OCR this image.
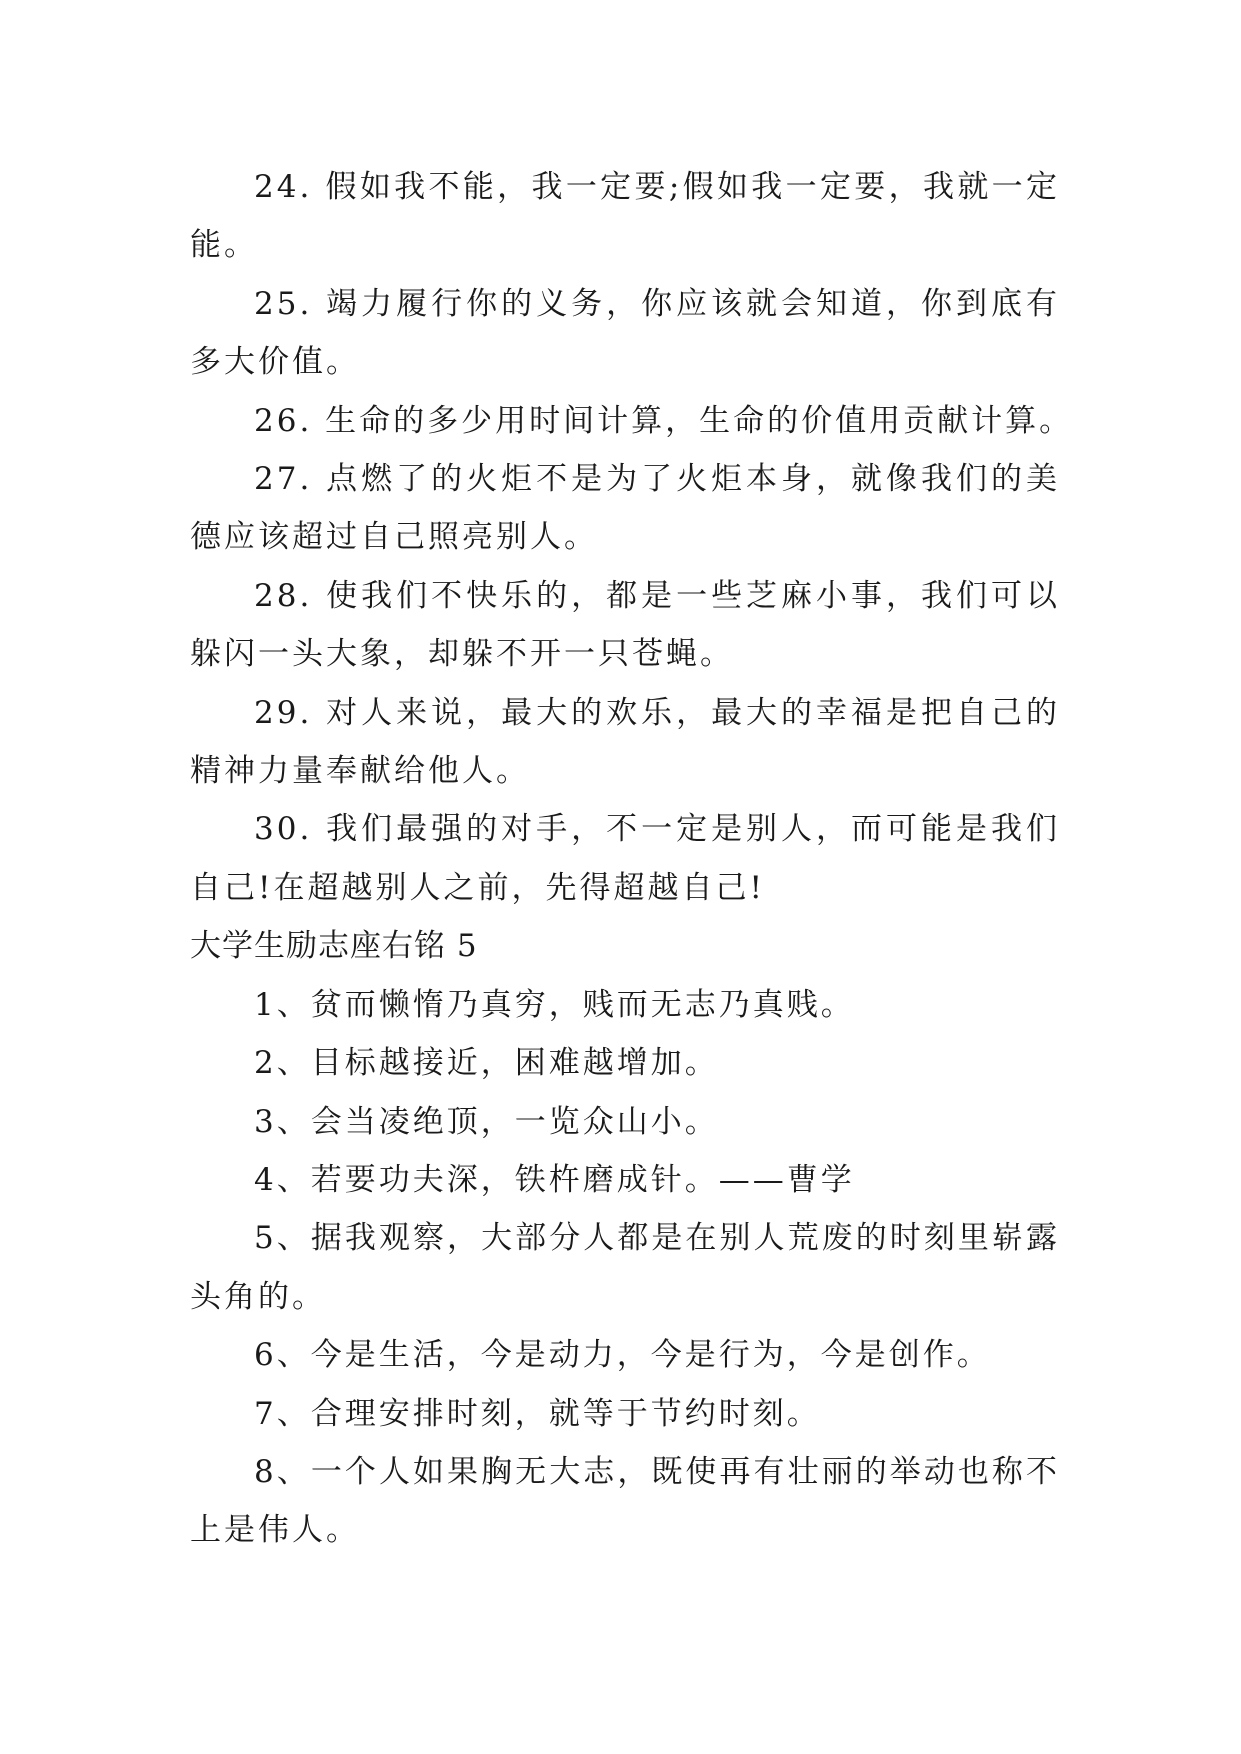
24. 假如我不能，我一定要;假如我一定要，我就一定能。

25. 竭力履行你的义务，你应该就会知道，你到底有多大价值。

26. 生命的多少用时间计算，生命的价值用贡献计算。

27. 点燃了的火炬不是为了火炬本身，就像我们的美德应该超过自己照亮别人。

28. 使我们不快乐的，都是一些芝麻小事，我们可以躲闪一头大象，却躲不开一只苍蝇。

29. 对人来说，最大的欢乐，最大的幸福是把自己的精神力量奉献给他人。

30. 我们最强的对手，不一定是别人，而可能是我们自己!在超越别人之前，先得超越自己!

大学生励志座右铭 5

1、贫而懒惰乃真穷，贱而无志乃真贱。

2、目标越接近，困难越增加。

3、会当凌绝顶，一览众山小。

4、若要功夫深，铁杵磨成针。——曹学

5、据我观察，大部分人都是在别人荒废的时刻里崭露头角的。

6、今是生活，今是动力，今是行为，今是创作。

7、合理安排时刻，就等于节约时刻。

8、一个人如果胸无大志，既使再有壮丽的举动也称不上是伟人。
